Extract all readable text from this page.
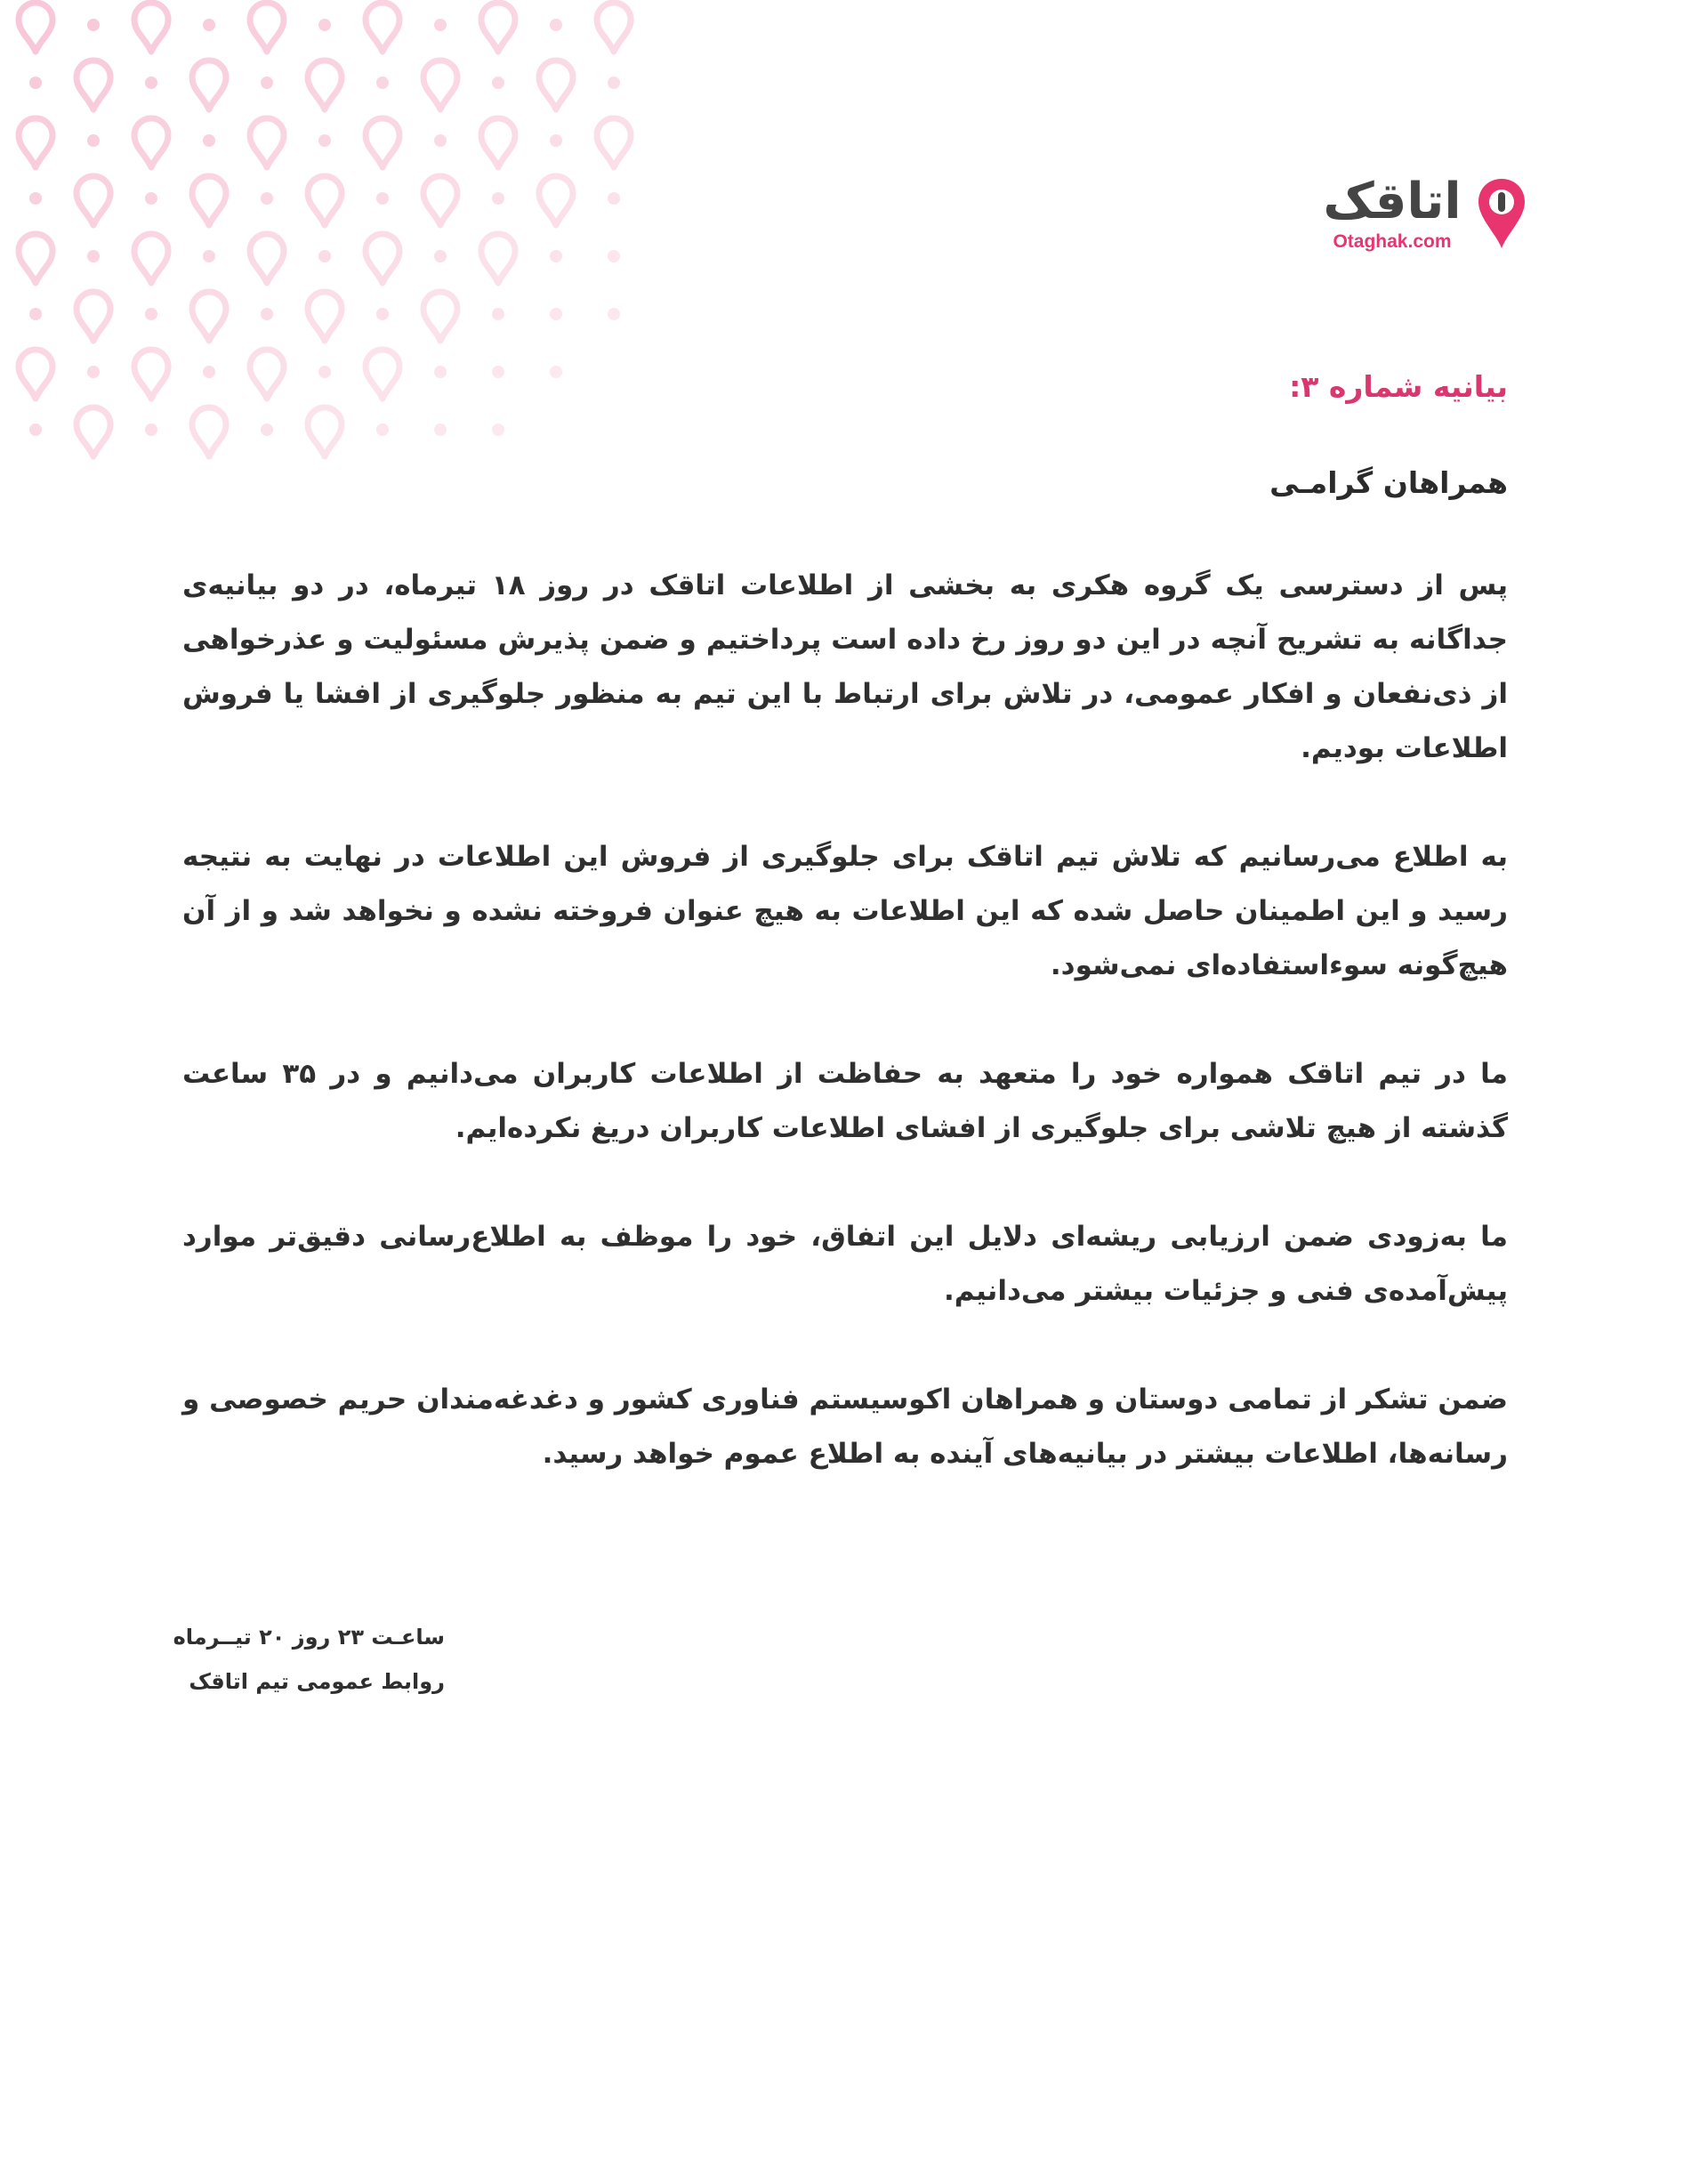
اتاقک
Otaghak.com
بیانیه شماره ۳:
همراهان گرامـی

پس از دسترسی یک گروه هکری به بخشی از اطلاعات اتاقک در روز ۱۸ تیرماه، در دو بیانیه‌ی جداگانه به تشریح آنچه در این دو روز رخ داده است پرداختیم و ضمن پذیرش مسئولیت و عذرخواهی از ذی‌نفعان و افکار عمومی، در تلاش برای ارتباط با این تیم به منظور جلوگیری از افشا یا فروش اطلاعات بودیم.

به اطلاع می‌رسانیم که تلاش تیم اتاقک برای جلوگیری از فروش این اطلاعات در نهایت به نتیجه رسید و این اطمینان حاصل شده که این اطلاعات به هیچ عنوان فروخته نشده و نخواهد شد و از آن هیچ‌گونه سوءاستفاده‌ای نمی‌شود.

ما در تیم اتاقک همواره خود را متعهد به حفاظت از اطلاعات کاربران می‌دانیم و در ۳۵ ساعت گذشته از هیچ تلاشی برای جلوگیری از افشای اطلاعات کاربران دریغ نکرده‌ایم.

ما به‌زودی ضمن ارزیابی ریشه‌ای دلایل این اتفاق، خود را موظف به اطلاع‌رسانی دقیق‌تر موارد پیش‌آمده‌ی فنی و جزئیات بیشتر می‌دانیم.

ضمن تشکر از تمامی دوستان و همراهان اکوسیستم فناوری کشور و دغدغه‌مندان حریم خصوصی و رسانه‌ها، اطلاعات بیشتر در بیانیه‌های آینده به اطلاع عموم خواهد رسید.

ساعـت ۲۳ روز ۲۰ تیــرماه
روابط عمومی تیم اتاقک
